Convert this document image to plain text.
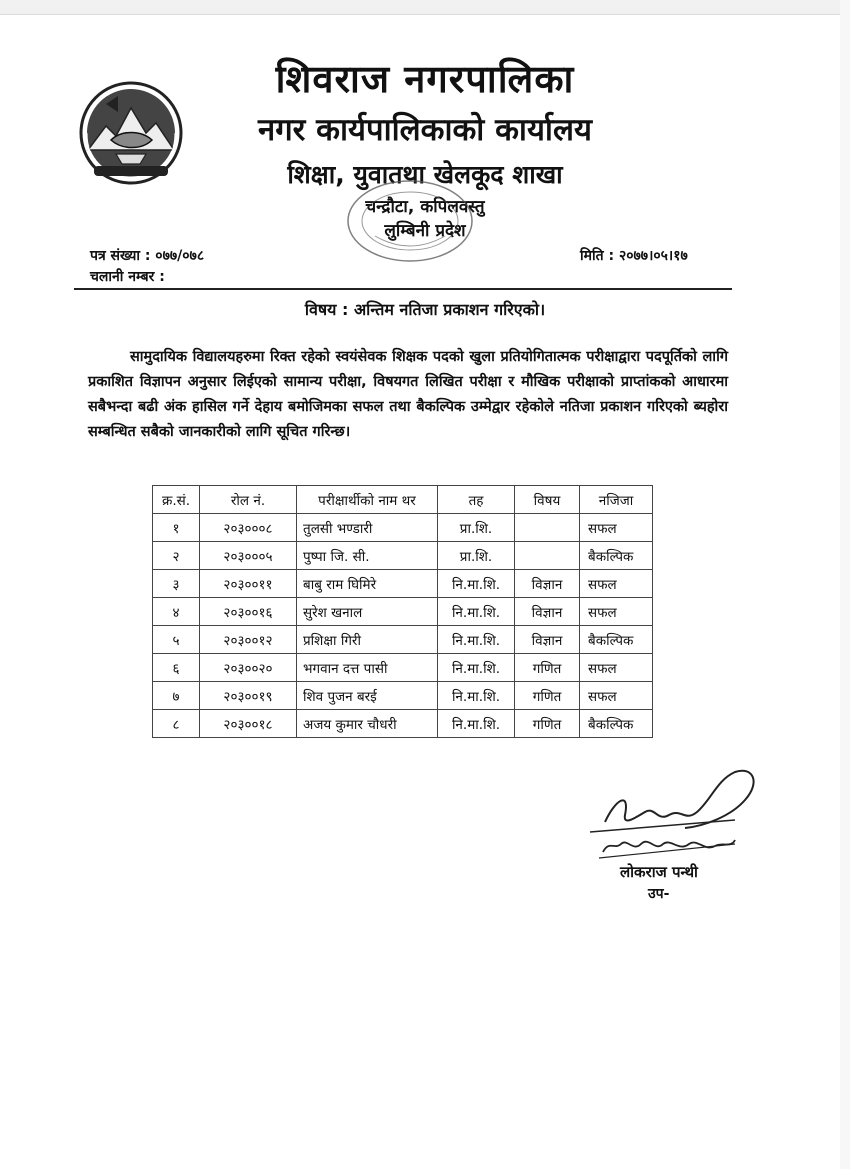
शिवराज नगरपालिका
नगर कार्यपालिकाको कार्यालय
शिक्षा, युवातथा खेलकूद शाखा
चन्द्रौटा, कपिलवस्तु
लुम्बिनी प्रदेश
पत्र संख्या : ०७७/०७८
चलानी नम्बर :
मिति : २०७७।०५।१७
विषय : अन्तिम नतिजा प्रकाशन गरिएको।
सामुदायिक विद्यालयहरुमा रिक्त रहेको स्वयंसेवक शिक्षक पदको खुला प्रतियोगितात्मक परीक्षाद्वारा पदपूर्तिको लागि प्रकाशित विज्ञापन अनुसार लिईएको सामान्य परीक्षा, विषयगत लिखित परीक्षा र मौखिक परीक्षाको प्राप्तांकको आधारमा सबैभन्दा बढी अंक हासिल गर्ने देहाय बमोजिमका सफल तथा बैकल्पिक उम्मेद्वार रहेकोले नतिजा प्रकाशन गरिएको ब्यहोरा सम्बन्धित सबैको जानकारीको लागि सूचित गरिन्छ।
क्र.सं.	रोल नं.	परीक्षार्थीको नाम थर	तह	विषय	नजिजा
१	२०३०००८	तुलसी भण्डारी	प्रा.शि.		सफल
२	२०३०००५	पुष्पा जि. सी.	प्रा.शि.		बैकल्पिक
३	२०३००११	बाबु राम घिमिरे	नि.मा.शि.	विज्ञान	सफल
४	२०३००१६	सुरेश खनाल	नि.मा.शि.	विज्ञान	सफल
५	२०३००१२	प्रशिक्षा गिरी	नि.मा.शि.	विज्ञान	बैकल्पिक
६	२०३००२०	भगवान दत्त पासी	नि.मा.शि.	गणित	सफल
७	२०३००१९	शिव पुजन बरई	नि.मा.शि.	गणित	सफल
८	२०३००१८	अजय कुमार चौधरी	नि.मा.शि.	गणित	बैकल्पिक
लोकराज पन्थी
उप-
